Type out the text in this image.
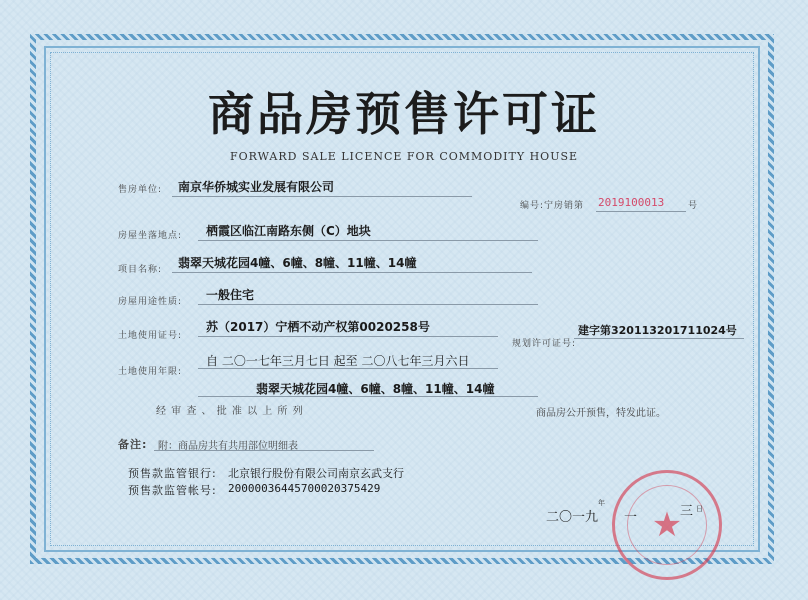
商品房预售许可证
FORWARD SALE LICENCE FOR COMMODITY HOUSE
售房单位: 南京华侨城实业发展有限公司
编号:宁房销第 2019100013	号
房屋坐落地点: 栖霞区临江南路东侧（C）地块
项目名称: 翡翠天城花园4幢、6幢、8幢、11幢、14幢
房屋用途性质: 一般住宅
土地使用证号:
苏（2017）宁栖不动产权第0020258号
规划许可证号:
建字第320113201711024号
土地使用年限:
自 二〇一七年三月七日 起至 二〇八七年三月六日
翡翠天城花园4幢、6幢、8幢、11幢、14幢
经 审 查 、 批 准 以 上 所 列	商品房公开预售，特发此证。
备注: 附：商品房共有共用部位明细表
预售款监管银行: 北京银行股份有限公司南京玄武支行
预售款监管帐号: 20000036445700020375429
★
二〇一九
年
一	三 日
